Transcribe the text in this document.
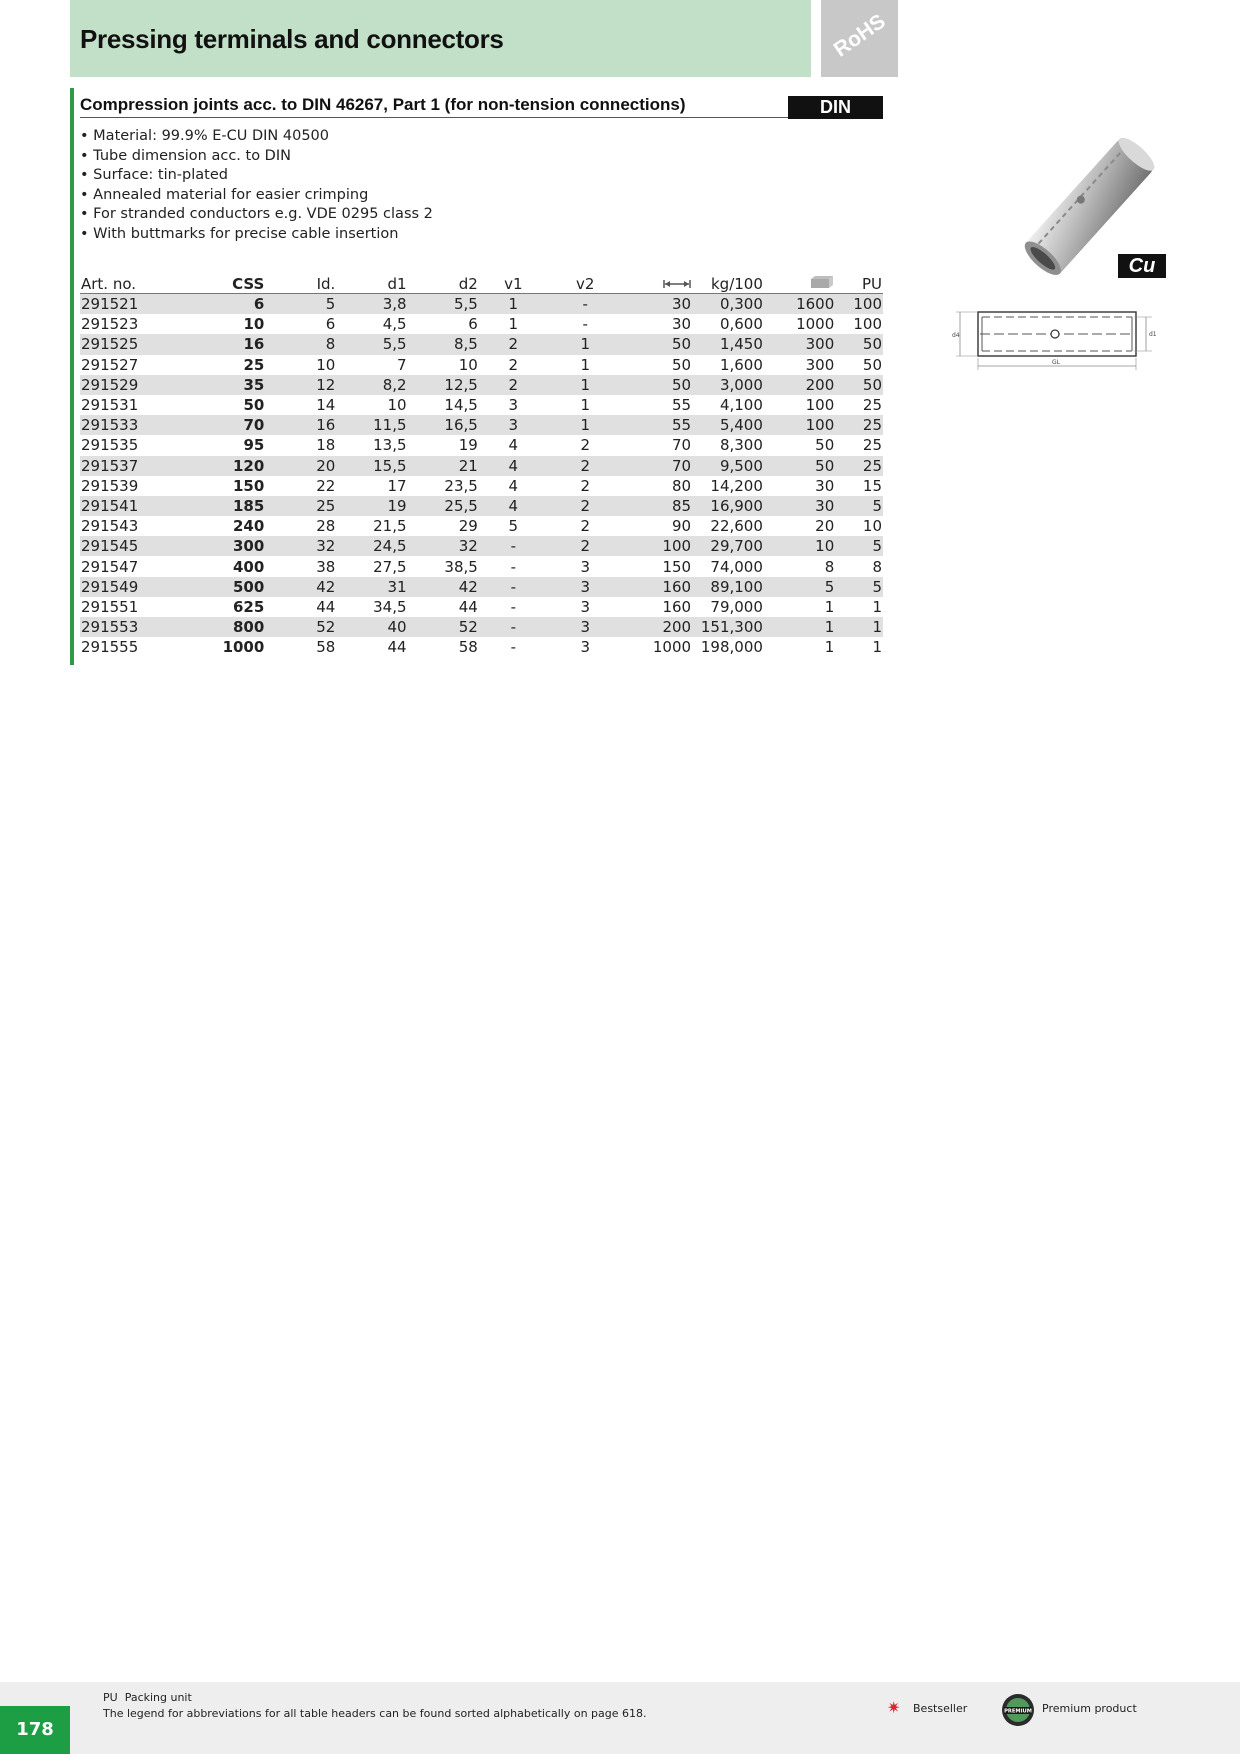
Pressing terminals and connectors	RoHS
Compression joints acc. to DIN 46267, Part 1 (for non-tension connections)	DIN
• Material: 99.9% E-CU DIN 40500
• Tube dimension acc. to DIN
• Surface: tin-plated
• Annealed material for easier crimping
• For stranded conductors e.g. VDE 0295 class 2
• With buttmarks for precise cable insertion
Art. no.	CSS	Id.	d1	d2	v1	v2		kg/100		PU
291521	6	5	3,8	5,5	1	-	30	0,300	1600	100
291523	10	6	4,5	6	1	-	30	0,600	1000	100
291525	16	8	5,5	8,5	2	1	50	1,450	300	50
291527	25	10	7	10	2	1	50	1,600	300	50
291529	35	12	8,2	12,5	2	1	50	3,000	200	50
291531	50	14	10	14,5	3	1	55	4,100	100	25
291533	70	16	11,5	16,5	3	1	55	5,400	100	25
291535	95	18	13,5	19	4	2	70	8,300	50	25
291537	120	20	15,5	21	4	2	70	9,500	50	25
291539	150	22	17	23,5	4	2	80	14,200	30	15
291541	185	25	19	25,5	4	2	85	16,900	30	5
291543	240	28	21,5	29	5	2	90	22,600	20	10
291545	300	32	24,5	32	-	2	100	29,700	10	5
291547	400	38	27,5	38,5	-	3	150	74,000	8	8
291549	500	42	31	42	-	3	160	89,100	5	5
291551	625	44	34,5	44	-	3	160	79,000	1	1
291553	800	52	40	52	-	3	200	151,300	1	1
291555	1000	58	44	58	-	3	1000	198,000	1	1
Cu
d4	d1
GL
178
PU Packing unit
The legend for abbreviations for all table headers can be found sorted alphabetically on page 618.	✷ Bestseller	PREMIUM Premium product
